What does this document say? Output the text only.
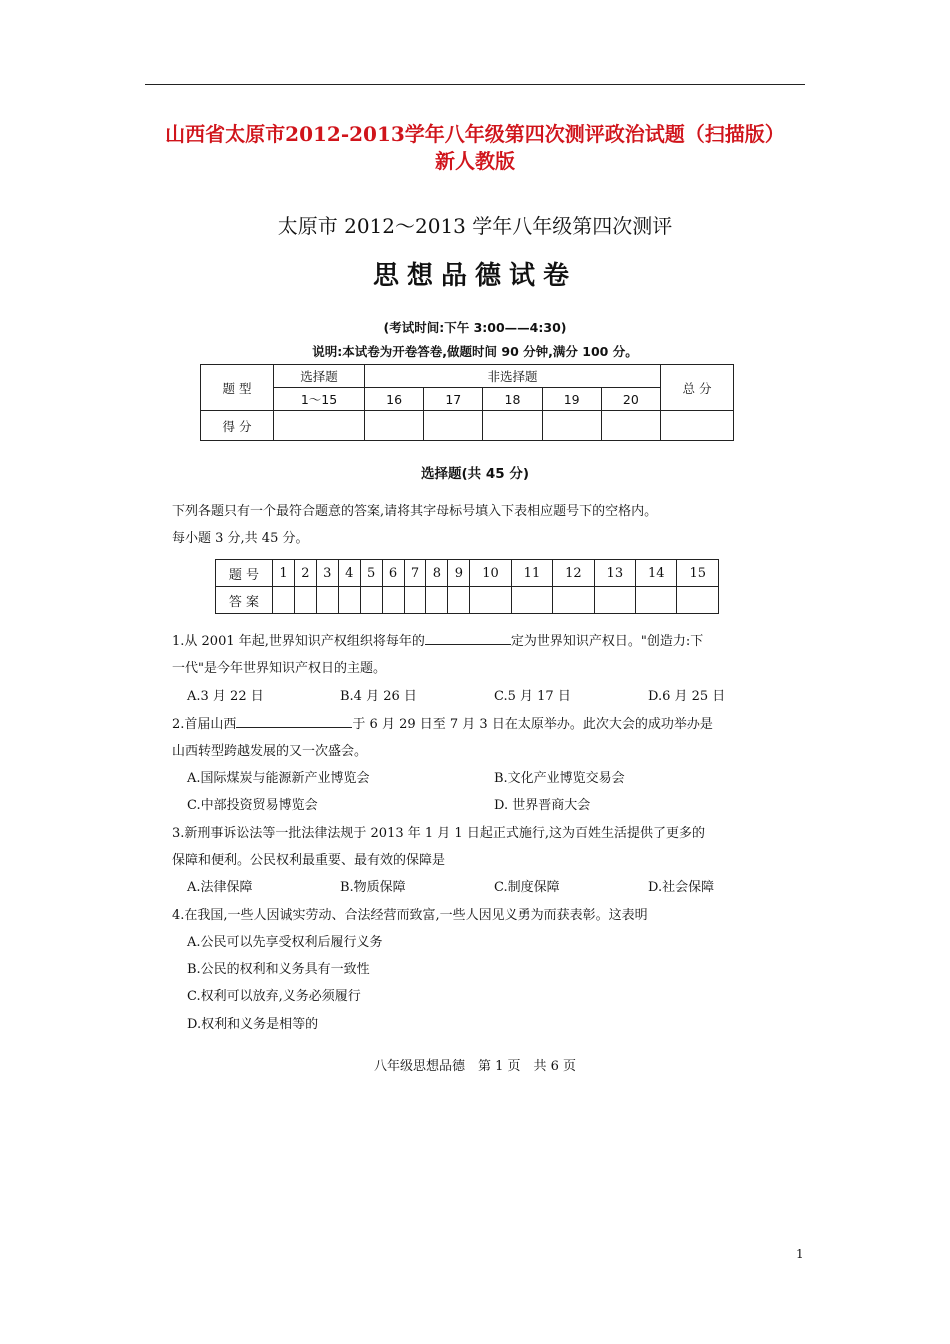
山西省太原市2012-2013学年八年级第四次测评政治试题（扫描版）
新人教版
太原市 2012～2013 学年八年级第四次测评
思想品德试卷
(考试时间:下午 3:00——4:30)
说明:本试卷为开卷答卷,做题时间 90 分钟,满分 100 分。
题 型	选择题	非选择题					总 分
	1～15	16	17	18	19	20	
得 分							
选择题(共 45 分)
下列各题只有一个最符合题意的答案,请将其字母标号填入下表相应题号下的空格内。
每小题 3 分,共 45 分。
题 号	1	2	3	4	5	6	7	8	9	10	11	12	13	14	15
答 案															
1.从 2001 年起,世界知识产权组织将每年的	定为世界知识产权日。"创造力:下
一代"是今年世界知识产权日的主题。
A.3 月 22 日	B.4 月 26 日	C.5 月 17 日	D.6 月 25 日
2.首届山西	于 6 月 29 日至 7 月 3 日在太原举办。此次大会的成功举办是
山西转型跨越发展的又一次盛会。
A.国际煤炭与能源新产业博览会	B.文化产业博览交易会
C.中部投资贸易博览会	D. 世界晋商大会
3.新刑事诉讼法等一批法律法规于 2013 年 1 月 1 日起正式施行,这为百姓生活提供了更多的
保障和便利。公民权利最重要、最有效的保障是
A.法律保障	B.物质保障	C.制度保障	D.社会保障
4.在我国,一些人因诚实劳动、合法经营而致富,一些人因见义勇为而获表彰。这表明
A.公民可以先享受权利后履行义务
B.公民的权利和义务具有一致性
C.权利可以放弃,义务必须履行
D.权利和义务是相等的
八年级思想品德　第 1 页　共 6 页
1
